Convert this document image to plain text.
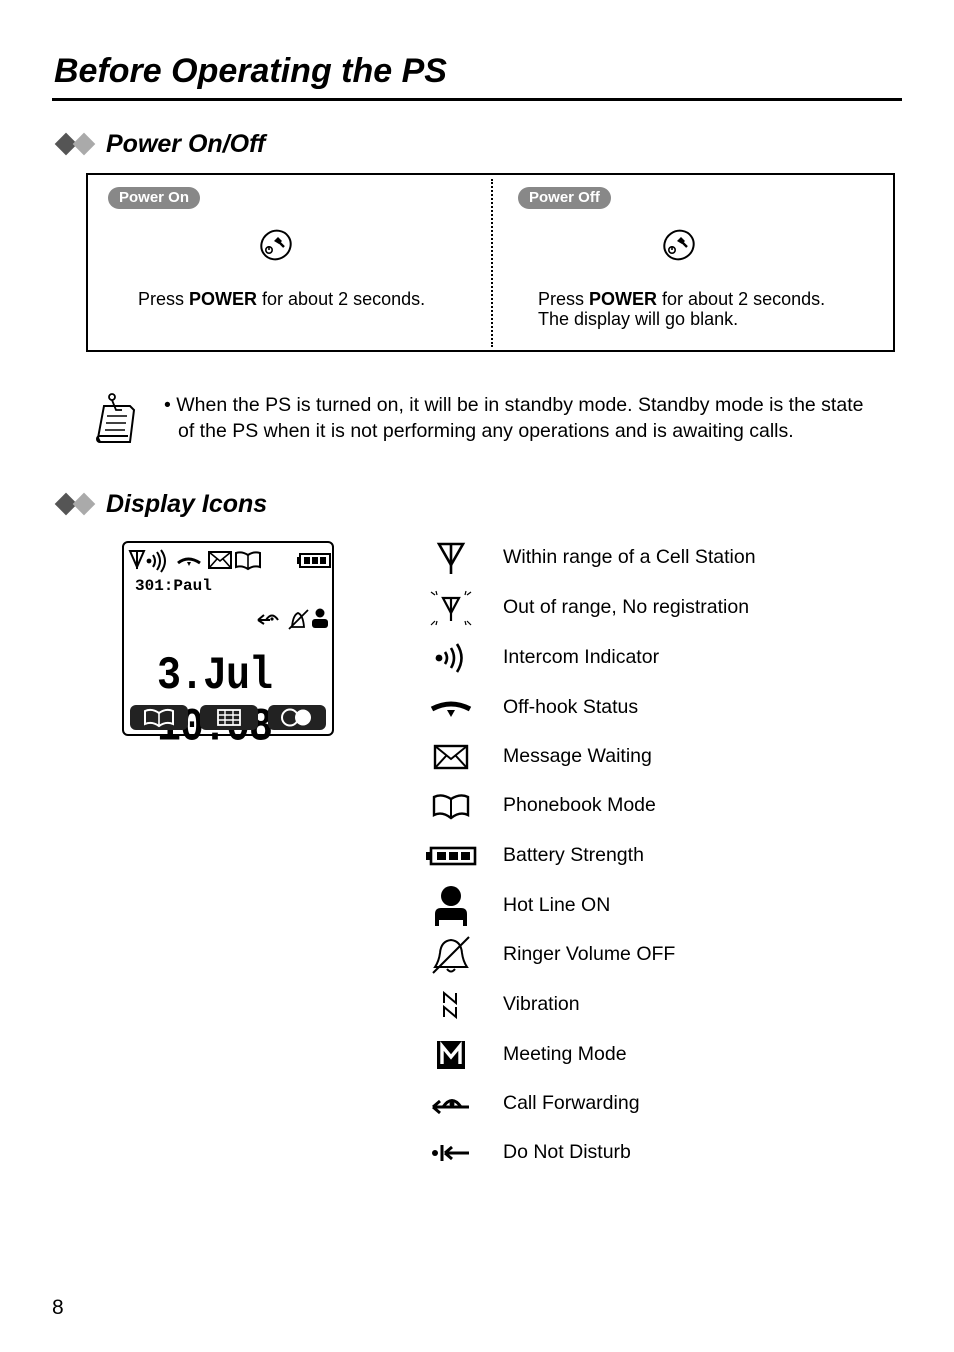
Before Operating the PS
Power On/Off
Power On
Press POWER for about 2 seconds.
Power Off
Press POWER for about 2 seconds.
The display will go blank.
• When the PS is turned on, it will be in standby mode. Standby mode is the state
of the PS when it is not performing any operations and is awaiting calls.
Display Icons
301:Paul
3.Jul
Within range of a Cell Station
Out of range, No registration
Intercom Indicator
Off-hook Status
Message Waiting
Phonebook Mode
Battery Strength
Hot Line ON
Ringer Volume OFF
Vibration
Meeting Mode
Call Forwarding
Do Not Disturb
8
